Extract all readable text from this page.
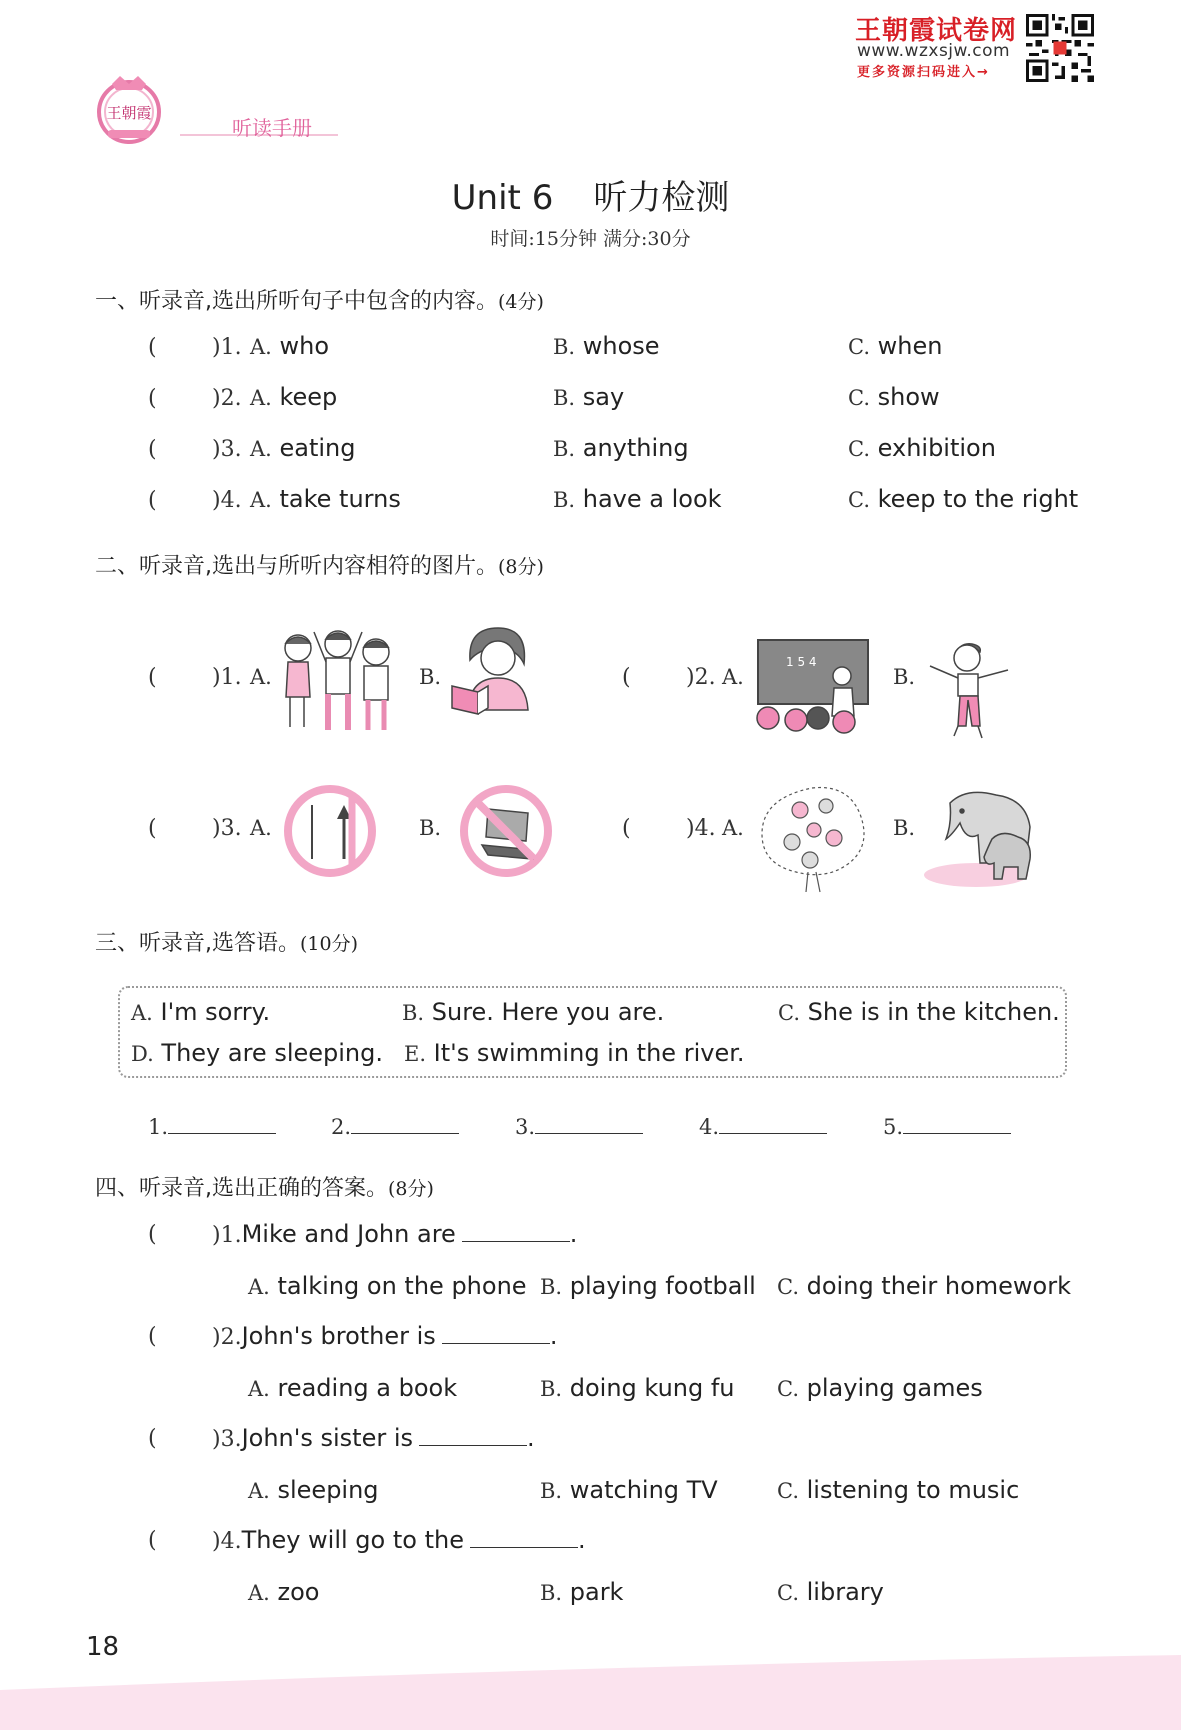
王朝霞
听读手册
王朝霞试卷网
www.wzxsjw.com
更多资源扫码进入→
Unit 6 听力检测
时间:15分钟 满分:30分
一、听录音,选出所听句子中包含的内容。(4分)
(	)1. A. who	B. whose	C. when
(	)2. A. keep	B. say	C. show
(	)3. A. eating	B. anything	C. exhibition
(	)4. A. take turns	B. have a look	C. keep to the right
二、听录音,选出与所听内容相符的图片。(8分)
(	)1. A.	B.	(	)2. A.
1 5 4
B.
(	)3. A.	B.	(	)4. A.	B.
三、听录音,选答语。(10分)
A. I'm sorry.	B. Sure. Here you are.	C. She is in the kitchen.
D. They are sleeping. E. It's swimming in the river.
1.	2.	3.	4.	5.
四、听录音,选出正确的答案。(8分)
(	)1.Mike and John are	.
A. talking on the phone B. playing football C. doing their homework
(	)2.John's brother is	.
A. reading a book	B. doing kung fu C. playing games
(	)3.John's sister is	.
A. sleeping	B. watching TV	C. listening to music
(	)4.They will go to the	.
A. zoo	B. park	C. library
18
